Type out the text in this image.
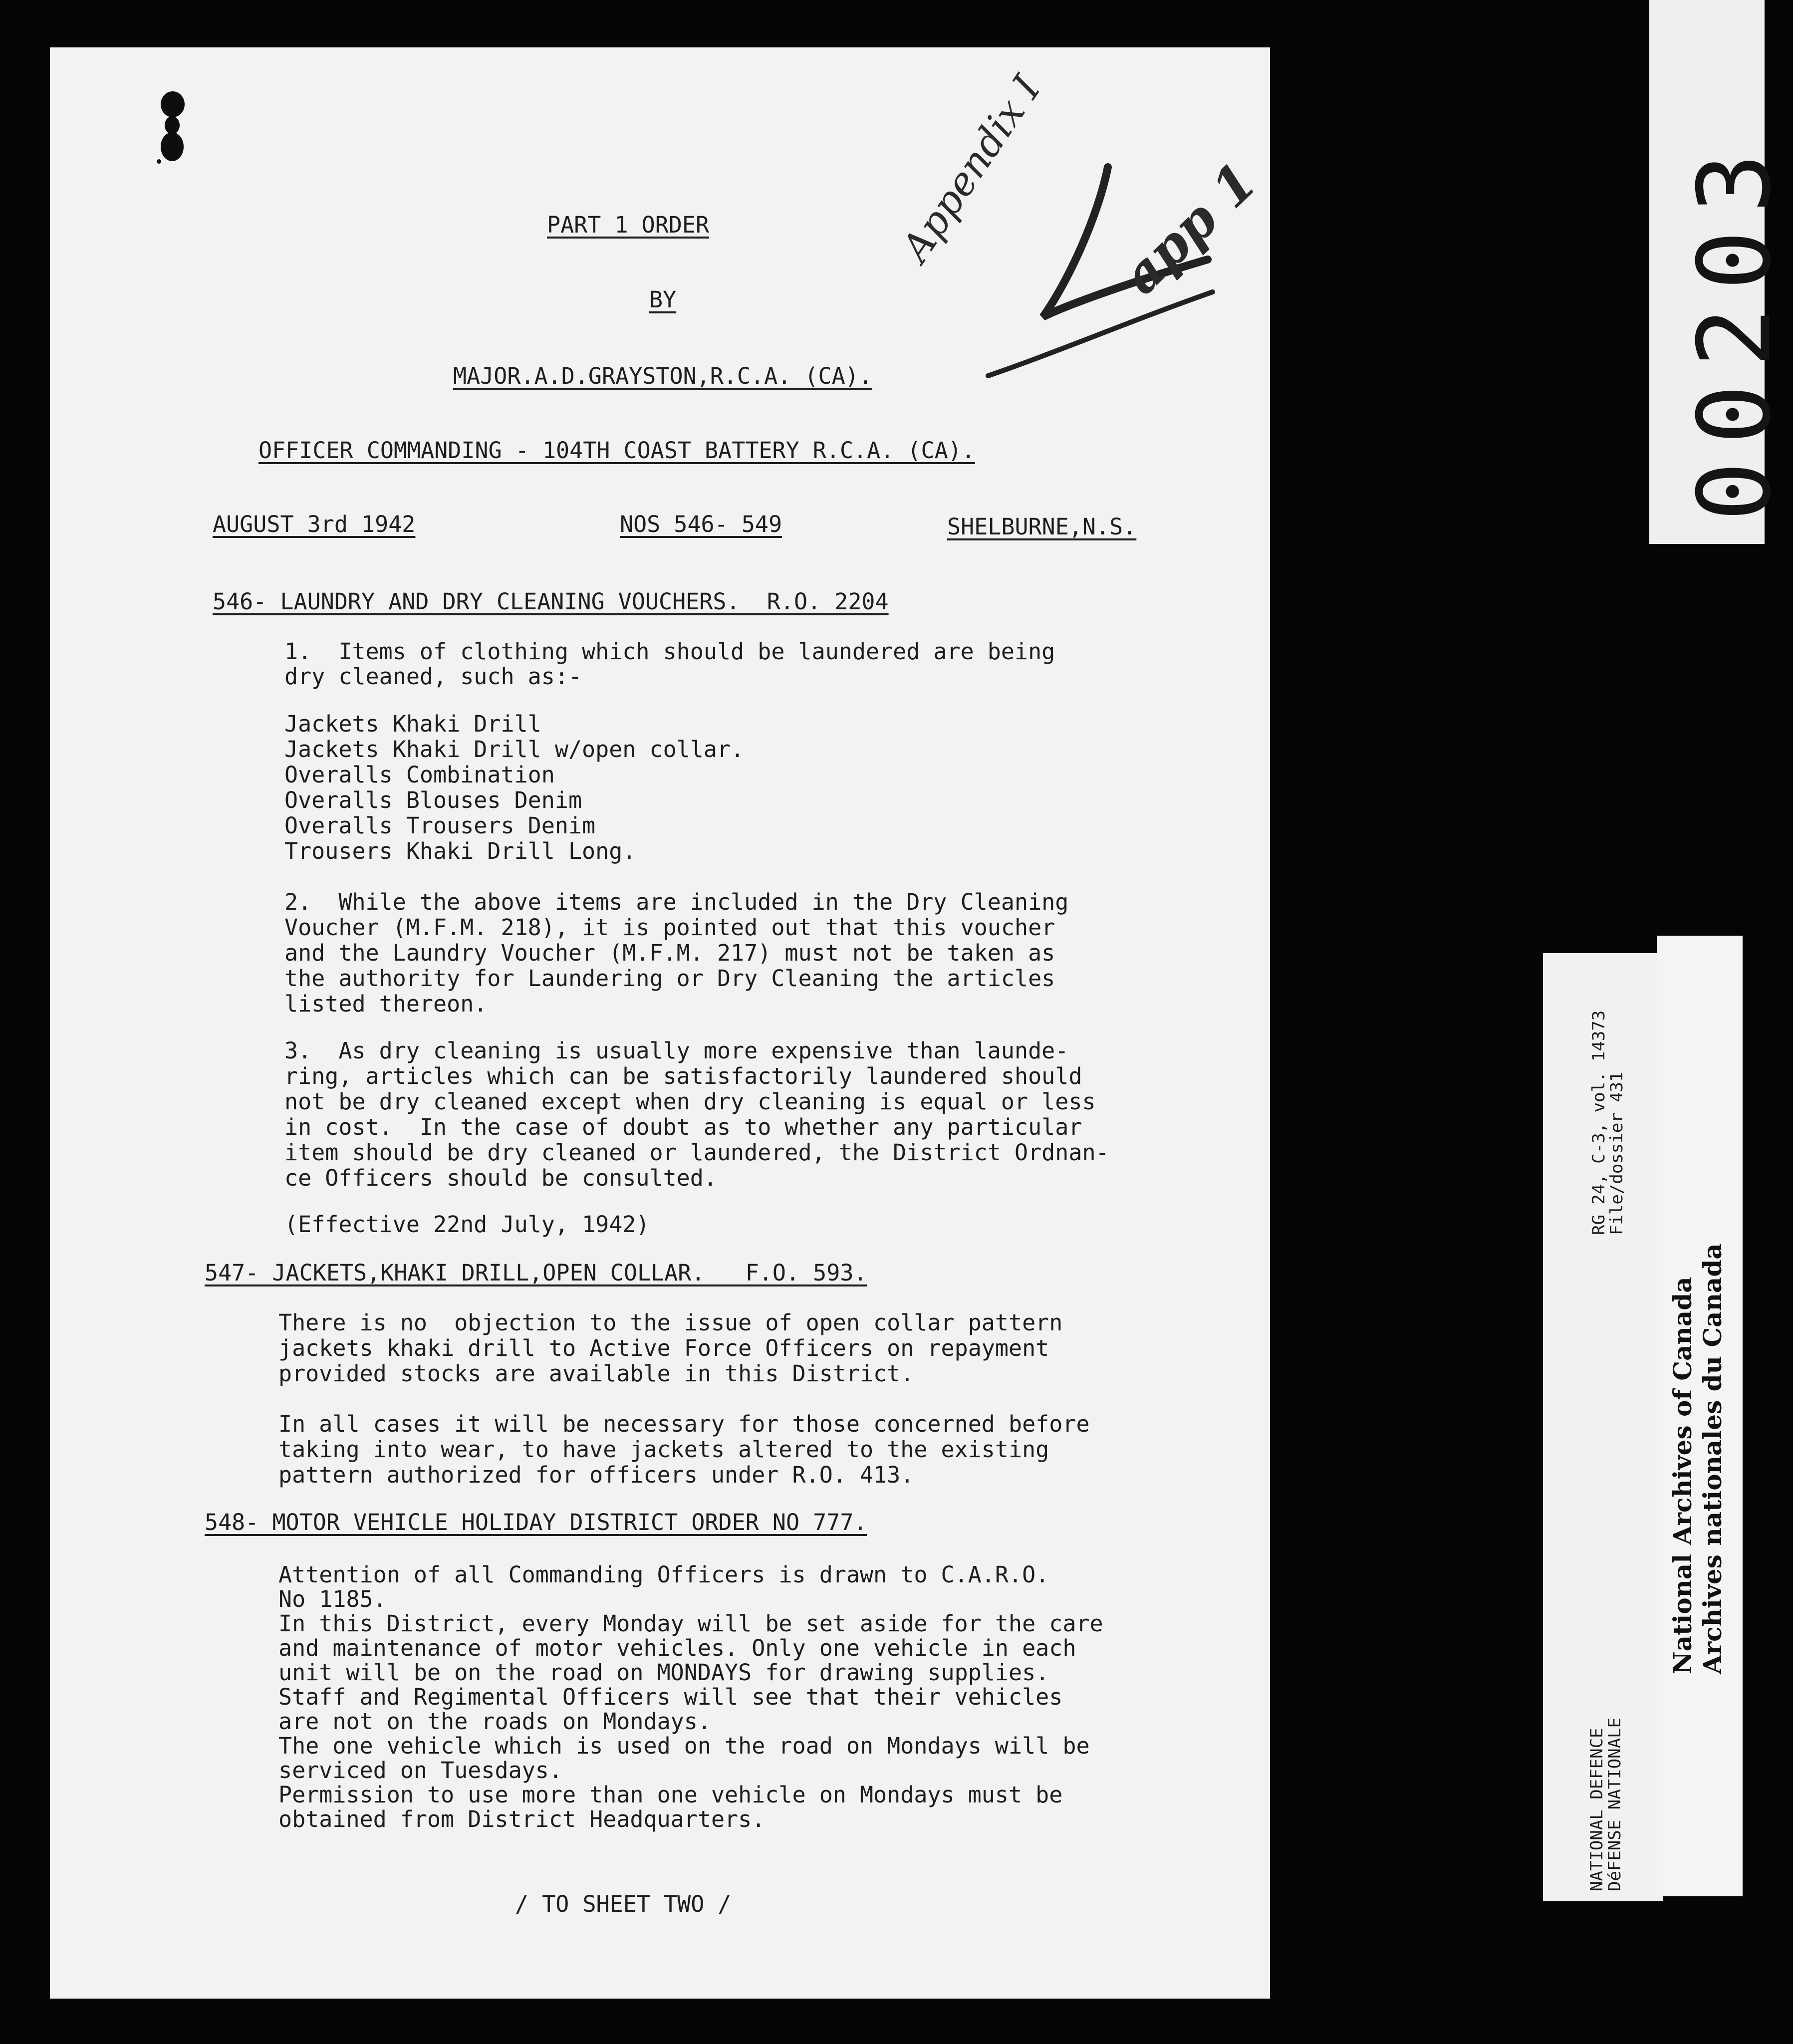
PART 1 ORDER
BY
MAJOR.A.D.GRAYSTON,R.C.A. (CA).
OFFICER COMMANDING - 104TH COAST BATTERY R.C.A. (CA).
AUGUST 3rd 1942	NOS 546- 549	SHELBURNE,N.S.
546- LAUNDRY AND DRY CLEANING VOUCHERS.  R.O. 2204
1.  Items of clothing which should be laundered are being
dry cleaned, such as:-
Jackets Khaki Drill
Jackets Khaki Drill w/open collar.
Overalls Combination
Overalls Blouses Denim
Overalls Trousers Denim
Trousers Khaki Drill Long.
2.  While the above items are included in the Dry Cleaning
Voucher (M.F.M. 218), it is pointed out that this voucher
and the Laundry Voucher (M.F.M. 217) must not be taken as
the authority for Laundering or Dry Cleaning the articles
listed thereon.
3.  As dry cleaning is usually more expensive than launde-
ring, articles which can be satisfactorily laundered should
not be dry cleaned except when dry cleaning is equal or less
in cost.  In the case of doubt as to whether any particular
item should be dry cleaned or laundered, the District Ordnan-
ce Officers should be consulted.
(Effective 22nd July, 1942)
547- JACKETS,KHAKI DRILL,OPEN COLLAR.   F.O. 593.
There is no  objection to the issue of open collar pattern
jackets khaki drill to Active Force Officers on repayment
provided stocks are available in this District.
In all cases it will be necessary for those concerned before
taking into wear, to have jackets altered to the existing
pattern authorized for officers under R.O. 413.
548- MOTOR VEHICLE HOLIDAY DISTRICT ORDER NO 777.
Attention of all Commanding Officers is drawn to C.A.R.O.
No 1185.
In this District, every Monday will be set aside for the care
and maintenance of motor vehicles. Only one vehicle in each
unit will be on the road on MONDAYS for drawing supplies.
Staff and Regimental Officers will see that their vehicles
are not on the roads on Mondays.
The one vehicle which is used on the road on Mondays will be
serviced on Tuesdays.
Permission to use more than one vehicle on Mondays must be
obtained from District Headquarters.
/ TO SHEET TWO /
Appendix I app 1	00203
NATIONAL DEFENCE
DéFENSE NATIONALE
RG 24, C-3, vol. 14373
File/dossier 431
National Archives of Canada Archives nationales du Canada
